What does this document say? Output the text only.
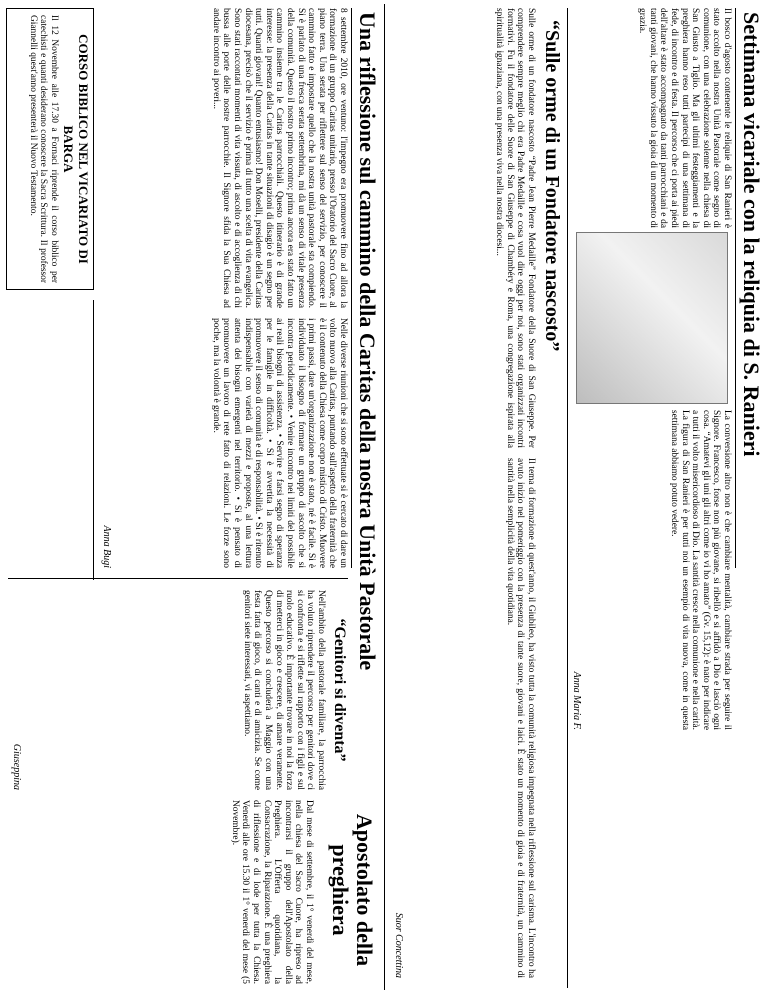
Una riflessione sul cammino della Caritas della nostra Unità Pastorale
8 settembre 2010, ore ventuno: l'impegno era promuovere fino ad allora la formazione di un gruppo Caritas unitario, presso l'Oratorio del Sacro Cuore, al piano terra. Una serata per riflettere sul senso del servizio, per conoscere il cammino fatto e impostare quello che la nostra unità pastorale sta compiendo. Si è parlato di una fresca serata settembrina, mi dà un senso di vitale presenza della comunità. Questo il nostro primo incontro; prima ancora era stato fatto un cammino insieme tra le Caritas parrocchiali. Questo itinerario è di grande interesse: la presenza della Caritas in tante situazioni di disagio è un segno per tutti. Quanti giovani! Quanto entusiasmo! Don Moselli, presidente della Caritas diocesana, precisò che il servizio è prima di tutto una scelta di vita evangelica. Sono stati raccontati momenti di vita vissuta, di ascolto e di accoglienza di chi bussa alle porte delle nostre parrocchie. Il Signore sfida la Sua Chiesa ad andare incontro ai poveri...
Nelle diverse riunioni che si sono effettuate si è cercato di dare un volto nuovo alla Caritas, puntando sull'aspetto della fraternità che è il contenuto della Chiesa come corpo mistico di Cristo. Muovere i primi passi, dare un'organizzazione non è stato, né è facile. Si è individuato il bisogno di formare un gruppo di ascolto che si incontra periodicamente. • Venire incontro nei limiti del possibile ai reali bisogni di assistenza. • Servire e farsi segno di speranza per le famiglie in difficoltà. • Si è avvertita la necessità di promuovere il senso di comunità e di responsabilità. • Si è ritenuto indispensabile con varietà di mezzi e proposte, al una lettura attenta dei bisogni emergenti nel territorio. • Si è pensato di promuovere un lavoro di rete fatto di relazioni. Le forze sono poche, ma la volontà è grande.
Anna Bugi
CORSO BIBLICO NEL VICARIATO DI BARGA
Il 12 Novembre alle 17.30 a Fornaci riprende il corso biblico per catechisti e quanti desiderano conoscere la Sacra Scrittura. Il professor Giannelli quest'anno presenterà il Nuovo Testamento.
“Genitori si diventa”
Nell'ambito della pastorale familiare, la parrocchia ha voluto riprendere il percorso per genitori dove ci si confronta e si riflette sul rapporto con i figli e sul ruolo educativo. È importante trovare in noi la forza di metterci in gioco e crescere, di amare veramente. Questo percorso si concluderà a Maggio con una festa fatta di gioco, di canti e di amicizia. Se come genitori siete interessati, vi aspettiamo.
Giuseppina
Apostolato della preghiera
Dal mese di settembre, il 1° venerdì del mese, nella chiesa del Sacro Cuore, ha ripreso ad incontrarsi il gruppo dell'Apostolato della Preghiera. L'Offerta quotidiana, la Consacrazione, la Riparazione. È una preghiera di riflessione e di lode per tutta la Chiesa. Venerdì alle ore 15.30 il 1° venerdì del mese (5 Novembre).
Settimana vicariale con la reliquia di S. Ranieri
Il bosco d'agosto contenente le reliquie di San Ranieri è stato accolto nella nostra Unità Pastorale come segno di comunione, con una celebrazione solenne nella chiesa di San Giusto a Tiglio. Ma gli ultimi festeggiamenti e la preghiera hanno reso tutti partecipi di una settimana di fede, di incontro e di festa. Il percorso che ci porta ai piedi dell'altare è stato accompagnato da tanti parrocchiani e da tanti giovani, che hanno vissuto la gioia di un momento di grazia.
La conversione altro non è che cambiare mentalità, cambiare strada per seguire il Signore. Francesco, forse non più giovane, si ribellò e si affidò a Dio e lasciò ogni cosa. “Amatevi gli uni gli altri come io vi ho amato” (Gv. 15,12): è nato per indicare a tutti il volto misericordioso di Dio. La santità cresce nella comunione e nella carità. La figura di San Ranieri è per tutti noi un esempio di vita nuova, come in questa settimana abbiamo potuto vedere.
Anna Maria F.
“Sulle orme di un Fondatore nascosto”
Sulle orme di un fondatore nascosto “Padre Jean Pierre Medaille” Fondatore della Suore di San Giuseppe. Per comprendere sempre meglio chi era Padre Medaille e cosa vuol dire oggi per noi, sono stati organizzati incontri formativi. Fu il fondatore delle Suore di San Giuseppe di Chambéry e Roma, una congregazione ispirata alla spiritualità ignaziana, con una presenza viva nella nostra diocesi...
Il tema di formazione di quest'anno, il Giubileo, ha visto tutta la comunità religiosa impegnata nella riflessione sul carisma. L'incontro ha avuto inizio nel pomeriggio con la presenza di tante suore, giovani e laici. È stato un momento di gioia e di fraternità, un cammino di santità nella semplicità della vita quotidiana.
Suor Concettina
